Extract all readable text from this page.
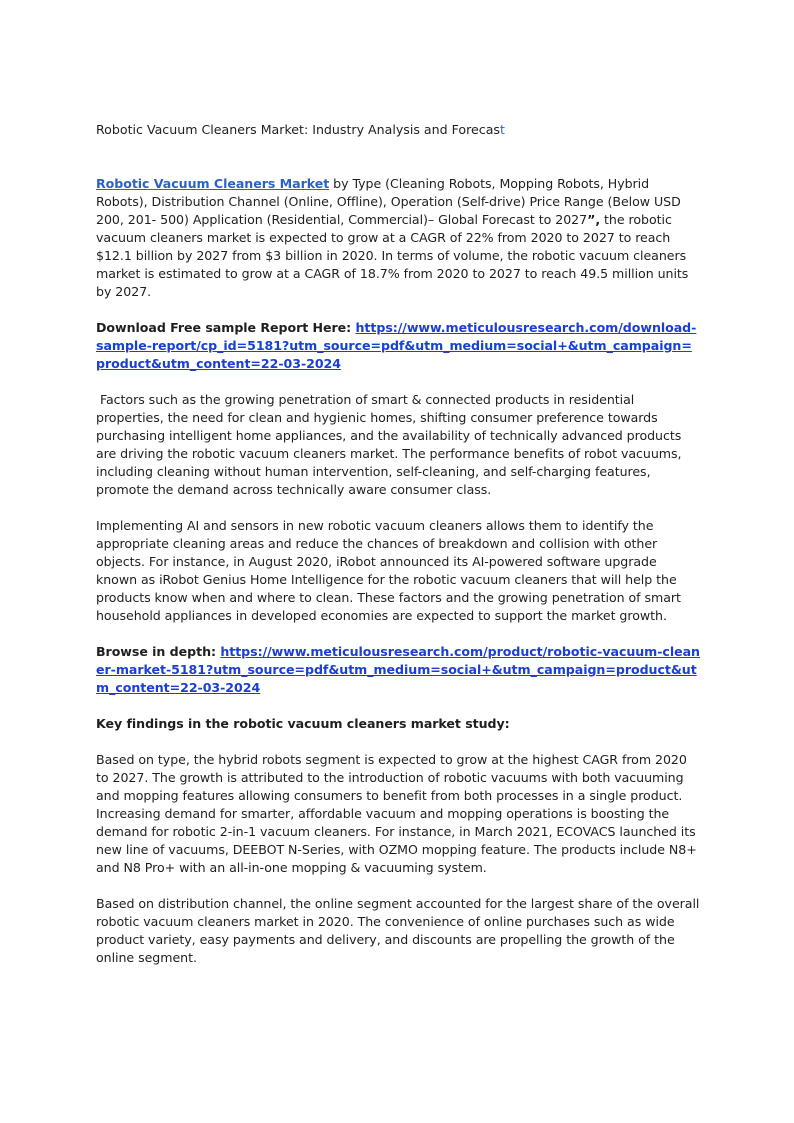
Robotic Vacuum Cleaners Market: Industry Analysis and Forecast

Robotic Vacuum Cleaners Market by Type (Cleaning Robots, Mopping Robots, Hybrid Robots), Distribution Channel (Online, Offline), Operation (Self-drive) Price Range (Below USD 200, 201- 500) Application (Residential, Commercial)– Global Forecast to 2027”, the robotic vacuum cleaners market is expected to grow at a CAGR of 22% from 2020 to 2027 to reach $12.1 billion by 2027 from $3 billion in 2020. In terms of volume, the robotic vacuum cleaners market is estimated to grow at a CAGR of 18.7% from 2020 to 2027 to reach 49.5 million units by 2027.

Download Free sample Report Here: https://www.meticulousresearch.com/download-sample-report/cp_id=5181?utm_source=pdf&utm_medium=social+&utm_campaign=product&utm_content=22-03-2024

Factors such as the growing penetration of smart & connected products in residential properties, the need for clean and hygienic homes, shifting consumer preference towards purchasing intelligent home appliances, and the availability of technically advanced products are driving the robotic vacuum cleaners market. The performance benefits of robot vacuums, including cleaning without human intervention, self-cleaning, and self-charging features, promote the demand across technically aware consumer class.

Implementing AI and sensors in new robotic vacuum cleaners allows them to identify the appropriate cleaning areas and reduce the chances of breakdown and collision with other objects. For instance, in August 2020, iRobot announced its AI-powered software upgrade known as iRobot Genius Home Intelligence for the robotic vacuum cleaners that will help the products know when and where to clean. These factors and the growing penetration of smart household appliances in developed economies are expected to support the market growth.

Browse in depth: https://www.meticulousresearch.com/product/robotic-vacuum-cleaner-market-5181?utm_source=pdf&utm_medium=social+&utm_campaign=product&utm_content=22-03-2024

Key findings in the robotic vacuum cleaners market study:

Based on type, the hybrid robots segment is expected to grow at the highest CAGR from 2020 to 2027. The growth is attributed to the introduction of robotic vacuums with both vacuuming and mopping features allowing consumers to benefit from both processes in a single product. Increasing demand for smarter, affordable vacuum and mopping operations is boosting the demand for robotic 2-in-1 vacuum cleaners. For instance, in March 2021, ECOVACS launched its new line of vacuums, DEEBOT N-Series, with OZMO mopping feature. The products include N8+ and N8 Pro+ with an all-in-one mopping & vacuuming system.

Based on distribution channel, the online segment accounted for the largest share of the overall robotic vacuum cleaners market in 2020. The convenience of online purchases such as wide product variety, easy payments and delivery, and discounts are propelling the growth of the online segment.
